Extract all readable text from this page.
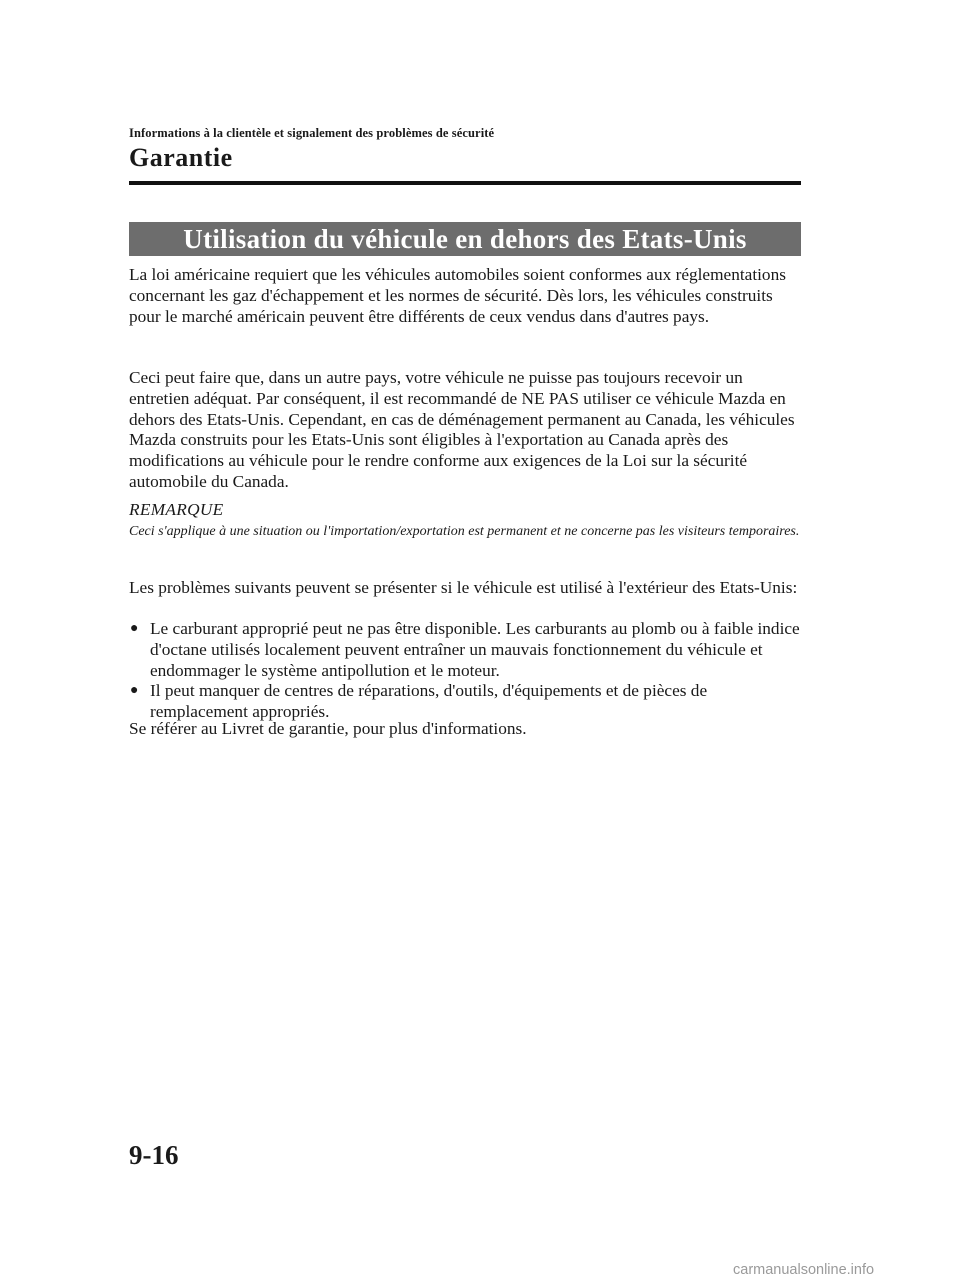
Informations à la clientèle et signalement des problèmes de sécurité
Garantie
Utilisation du véhicule en dehors des Etats-Unis
La loi américaine requiert que les véhicules automobiles soient conformes aux réglementations concernant les gaz d'échappement et les normes de sécurité. Dès lors, les véhicules construits pour le marché américain peuvent être différents de ceux vendus dans d'autres pays.
Ceci peut faire que, dans un autre pays, votre véhicule ne puisse pas toujours recevoir un entretien adéquat. Par conséquent, il est recommandé de NE PAS utiliser ce véhicule Mazda en dehors des Etats-Unis. Cependant, en cas de déménagement permanent au Canada, les véhicules Mazda construits pour les Etats-Unis sont éligibles à l'exportation au Canada après des modifications au véhicule pour le rendre conforme aux exigences de la Loi sur la sécurité automobile du Canada.
REMARQUE
Ceci s'applique à une situation ou l'importation/exportation est permanent et ne concerne pas les visiteurs temporaires.
Les problèmes suivants peuvent se présenter si le véhicule est utilisé à l'extérieur des Etats-Unis:
● Le carburant approprié peut ne pas être disponible. Les carburants au plomb ou à faible indice d'octane utilisés localement peuvent entraîner un mauvais fonctionnement du véhicule et endommager le système antipollution et le moteur.
● Il peut manquer de centres de réparations, d'outils, d'équipements et de pièces de remplacement appropriés.
Se référer au Livret de garantie, pour plus d'informations.
9-16
carmanualsonline.info
